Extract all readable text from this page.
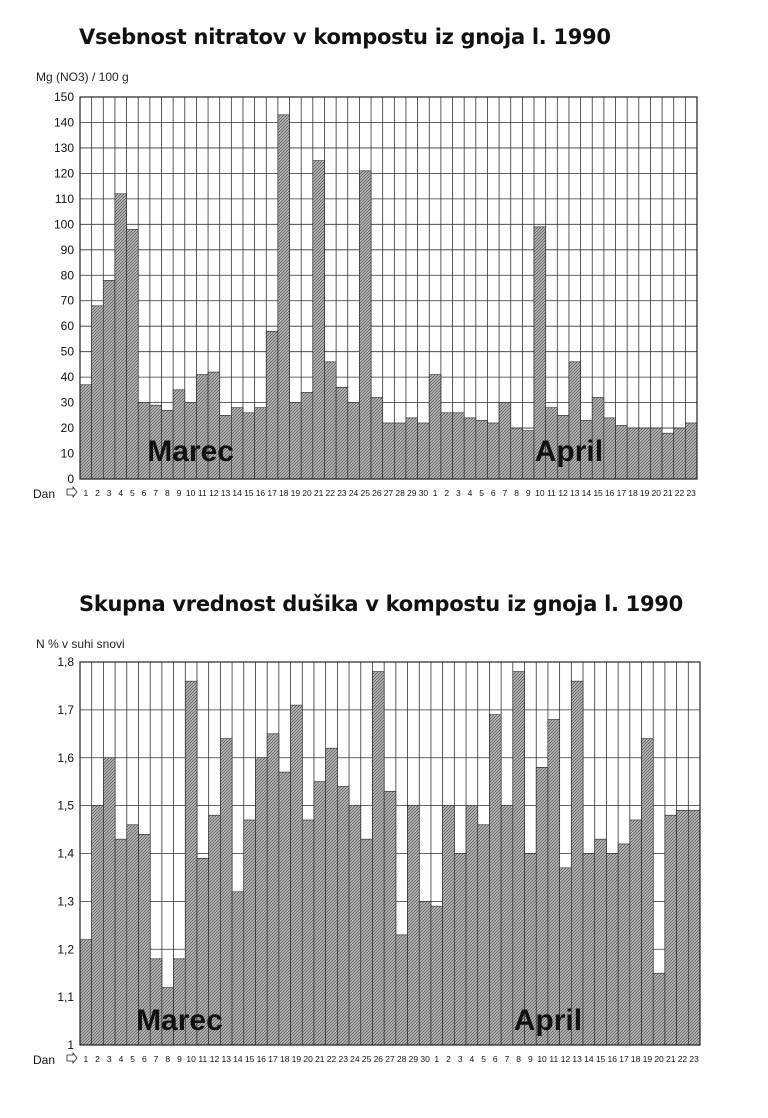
Vsebnost nitratov v kompostu iz gnoja l. 1990
Mg (NO3) / 100 g
0
10
20
30
40
50
60
70
80
90
100
110
120
130
140
150
Marec	April
1 2 3 4 5 6 7 8 9 10 11 12 13 14 15 16 17 18 19 20 21 22 23 24 25 26 27 28 29 30 1 2 3 4 5 6 7 8 9 10 11 12 13 14 15 16 17 18 19 20 21 22 23
Dan
Skupna vrednost dušika v kompostu iz gnoja l. 1990
N % v suhi snovi
1
1,1
1,2
1,3
1,4
1,5
1,6
1,7
1,8
Marec	April
1 2 3 4 5 6 7 8 9 10 11 12 13 14 15 16 17 18 19 20 21 22 23 24 25 26 27 28 29 30 1 2 3 4 5 6 7 8 9 10 11 12 13 14 15 16 17 18 19 20 21 22 23
Dan
